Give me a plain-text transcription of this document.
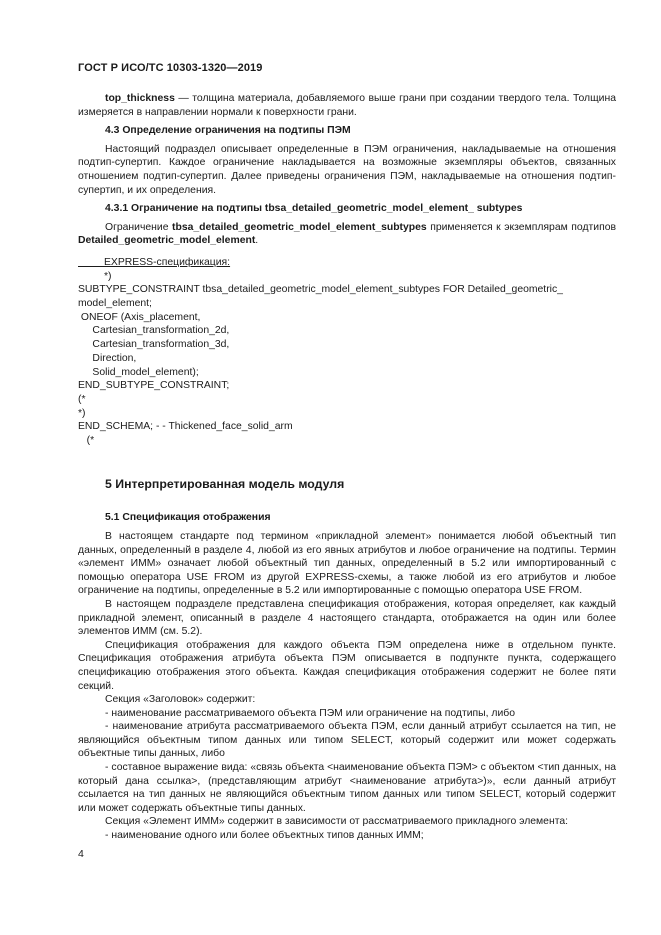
ГОСТ Р ИСО/ТС 10303-1320—2019

top_thickness — толщина материала, добавляемого выше грани при создании твердого тела. Толщина измеряется в направлении нормали к поверхности грани.

4.3 Определение ограничения на подтипы ПЭМ

Настоящий подраздел описывает определенные в ПЭМ ограничения, накладываемые на отношения подтип-супертип. Каждое ограничение накладывается на возможные экземпляры объектов, связанных отношением подтип-супертип. Далее приведены ограничения ПЭМ, накладываемые на отношения подтип-супертип, и их определения.

4.3.1 Ограничение на подтипы tbsa_detailed_geometric_model_element_ subtypes

Ограничение tbsa_detailed_geometric_model_element_subtypes применяется к экземплярам подтипов Detailed_geometric_model_element.

EXPRESS-спецификация:
*)
SUBTYPE_CONSTRAINT tbsa_detailed_geometric_model_element_subtypes FOR Detailed_geometric_
model_element;
ONEOF (Axis_placement,
Cartesian_transformation_2d,
Cartesian_transformation_3d,
Direction,
Solid_model_element);
END_SUBTYPE_CONSTRAINT;
(*
*)
END_SCHEMA; - - Thickened_face_solid_arm
(*
5 Интерпретированная модель модуля
5.1 Спецификация отображения

В настоящем стандарте под термином «прикладной элемент» понимается любой объектный тип данных, определенный в разделе 4, любой из его явных атрибутов и любое ограничение на подтипы. Термин «элемент ИММ» означает любой объектный тип данных, определенный в 5.2 или импортированный с помощью оператора USE FROM из другой EXPRESS-схемы, а также любой из его атрибутов и любое ограничение на подтипы, определенные в 5.2 или импортированные с помощью оператора USE FROM.

В настоящем подразделе представлена спецификация отображения, которая определяет, как каждый прикладной элемент, описанный в разделе 4 настоящего стандарта, отображается на один или более элементов ИММ (см. 5.2).

Спецификация отображения для каждого объекта ПЭМ определена ниже в отдельном пункте. Спецификация отображения атрибута объекта ПЭМ описывается в подпункте пункта, содержащего спецификацию отображения этого объекта. Каждая спецификация отображения содержит не более пяти секций.

Секция «Заголовок» содержит:

- наименование рассматриваемого объекта ПЭМ или ограничение на подтипы, либо

- наименование атрибута рассматриваемого объекта ПЭМ, если данный атрибут ссылается на тип, не являющийся объектным типом данных или типом SELECT, который содержит или может содержать объектные типы данных, либо

- составное выражение вида: «связь объекта <наименование объекта ПЭМ> с объектом <тип данных, на который дана ссылка>, (представляющим атрибут <наименование атрибута>)», если данный атрибут ссылается на тип данных не являющийся объектным типом данных или типом SELECT, который содержит или может содержать объектные типы данных.

Секция «Элемент ИММ» содержит в зависимости от рассматриваемого прикладного элемента:

- наименование одного или более объектных типов данных ИММ;

4
